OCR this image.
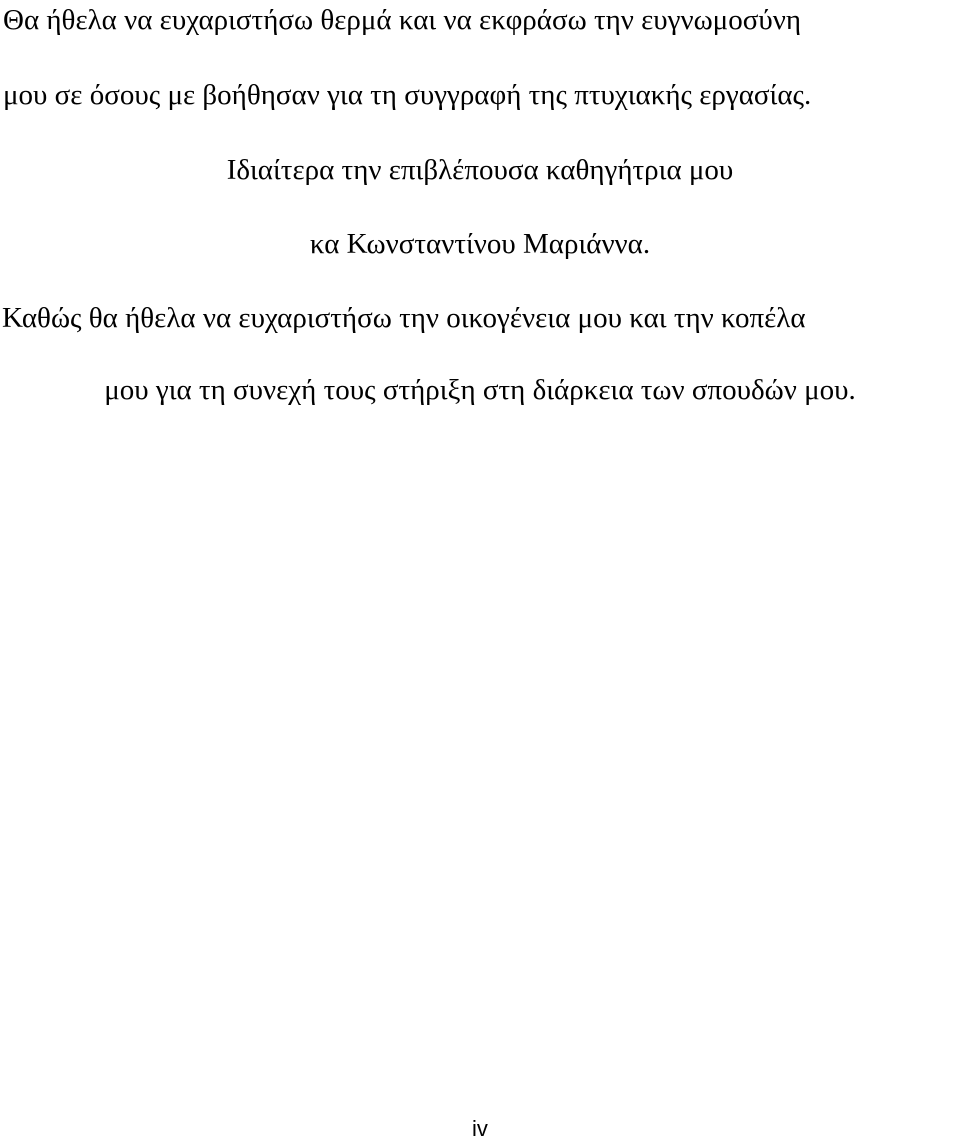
Θα ήθελα να ευχαριστήσω θερμά και να εκφράσω την ευγνωμοσύνη
μου σε όσους με βοήθησαν για τη συγγραφή της πτυχιακής εργασίας.
Ιδιαίτερα την επιβλέπουσα καθηγήτρια μου
κα Κωνσταντίνου Μαριάννα.
Καθώς θα ήθελα να ευχαριστήσω την οικογένεια μου και την κοπέλα
μου για τη συνεχή τους στήριξη στη διάρκεια των σπουδών μου.
iv
